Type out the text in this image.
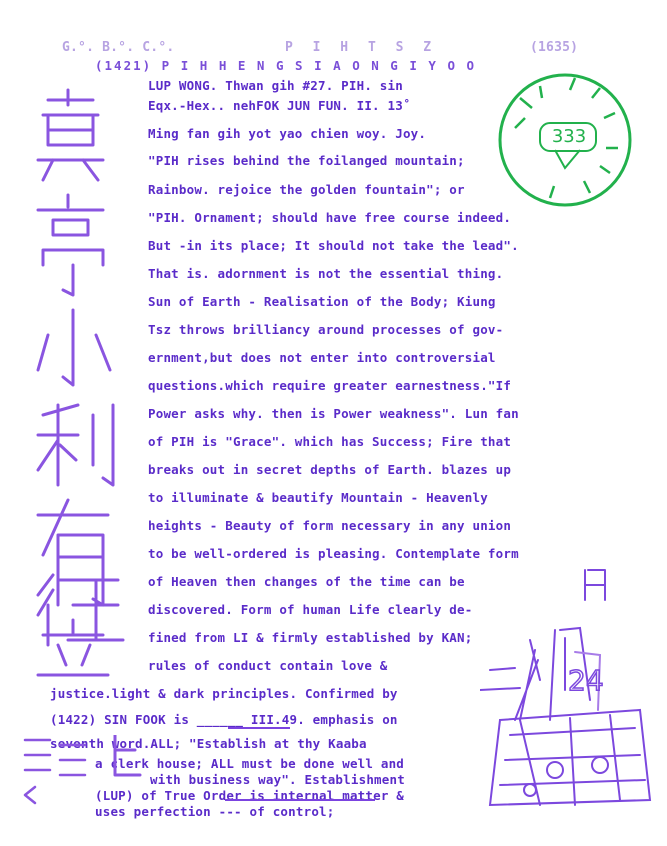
G.°. B.°. C.°.	P I H T S Z	(1635)
(1421) P I H H E N G S I A O N G I Y O O
LUP WONG. Thwan gih #27. PIH. sin
Eqx.-Hex.. nehFOK JUN FUN. II. 13˚
Ming fan gih yot yao chien woy. Joy.
"PIH rises behind the foilanged mountain;
Rainbow. rejoice the golden fountain"; or
"PIH. Ornament; should have free course indeed.
But -in its place; It should not take the lead".
That is. adornment is not the essential thing.
Sun of Earth - Realisation of the Body; Kiung
Tsz throws brilliancy around processes of gov-
ernment,but does not enter into controversial
questions.which require greater earnestness."If
Power asks why. then is Power weakness". Lun fan
of PIH is "Grace". which has Success; Fire that
breaks out in secret depths of Earth. blazes up
to illuminate & beautify Mountain - Heavenly
heights - Beauty of form necessary in any union
to be well-ordered is pleasing. Contemplate form
of Heaven then changes of the time can be
discovered. Form of human Life clearly de-
fined from LI & firmly established by KAN;
rules of conduct contain love &
justice.light & dark principles. Confirmed by
(1422) SIN FOOK is ______ III.49. emphasis on
seventh word.ALL; "Establish at thy Kaaba
a clerk house; ALL must be done well and
with business way". Establishment
(LUP) of True Order is internal matter &
uses perfection --- of control;
333
24
